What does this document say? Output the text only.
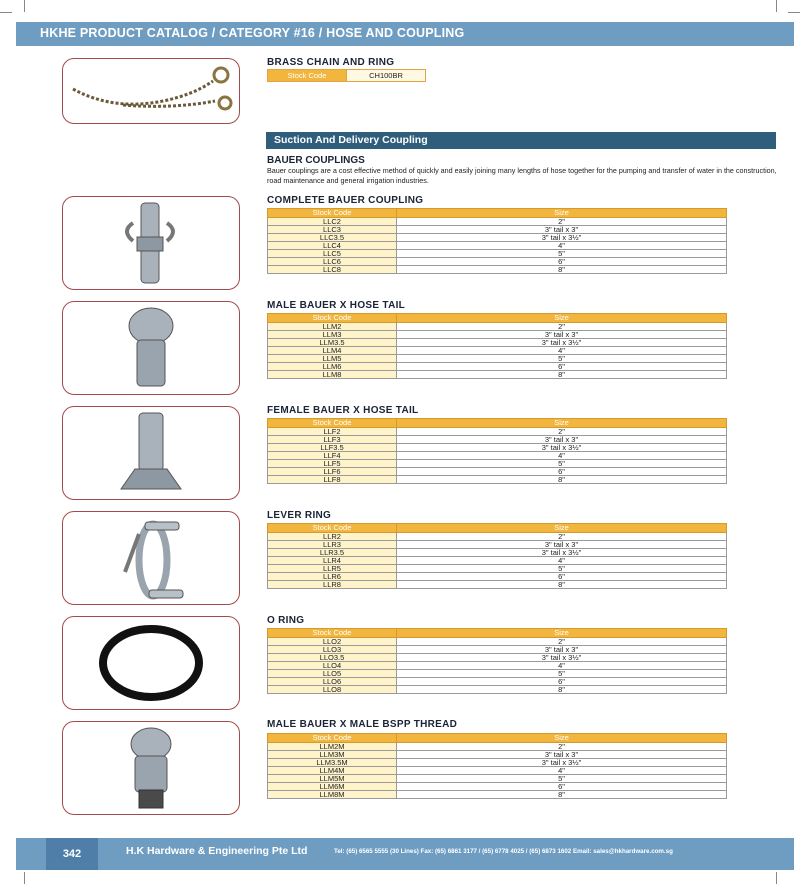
HKHE PRODUCT CATALOG / CATEGORY #16 / HOSE AND COUPLING
BRASS CHAIN AND RING
Stock Code	CH100BR
Suction And Delivery Coupling
BAUER COUPLINGS
Bauer couplings are a cost effective method of quickly and easily joining many lengths of hose together for the pumping and transfer of water in the construction, road maintenance and general irrigation industries.
COMPLETE BAUER COUPLING
MALE BAUER X HOSE TAIL
FEMALE BAUER X HOSE TAIL
LEVER RING
O RING
MALE BAUER X MALE BSPP THREAD
Stock Code	Size
LLC2	2"
LLC3	3" tail x 3"
LLC3.5	3" tail x 3½"
LLC4	4"
LLC5	5"
LLC6	6"
LLC8	8"
Stock Code	Size
LLM2	2"
LLM3	3" tail x 3"
LLM3.5	3" tail x 3½"
LLM4	4"
LLM5	5"
LLM6	6"
LLM8	8"
Stock Code	Size
LLF2	2"
LLF3	3" tail x 3"
LLF3.5	3" tail x 3½"
LLF4	4"
LLF5	5"
LLF6	6"
LLF8	8"
Stock Code	Size
LLR2	2"
LLR3	3" tail x 3"
LLR3.5	3" tail x 3½"
LLR4	4"
LLR5	5"
LLR6	6"
LLR8	8"
Stock Code	Size
LLO2	2"
LLO3	3" tail x 3"
LLO3.5	3" tail x 3½"
LLO4	4"
LLO5	5"
LLO6	6"
LLO8	8"
Stock Code	Size
LLM2M	2"
LLM3M	3" tail x 3"
LLM3.5M	3" tail x 3½"
LLM4M	4"
LLM5M	5"
LLM6M	6"
LLM8M	8"
342	H.K Hardware & Engineering Pte Ltd	Tel: (65) 6565 5555 (30 Lines) Fax: (65) 6861 3177 / (65) 6778 4025 / (65) 6873 1602 Email: sales@hkhardware.com.sg
